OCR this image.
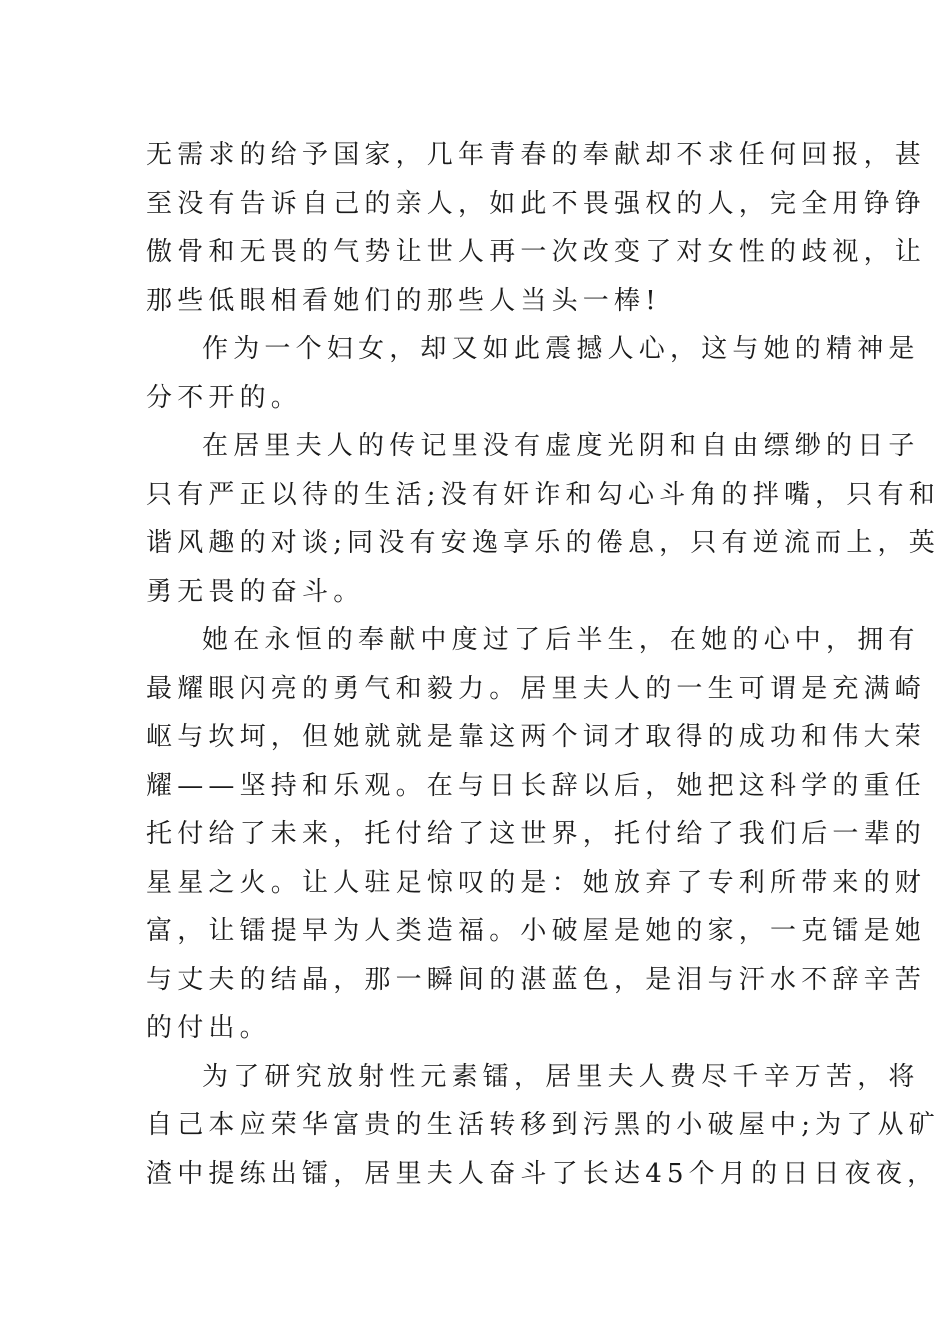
无需求的给予国家，几年青春的奉献却不求任何回报，甚
至没有告诉自己的亲人，如此不畏强权的人，完全用铮铮
傲骨和无畏的气势让世人再一次改变了对女性的歧视，让
那些低眼相看她们的那些人当头一棒!
作为一个妇女，却又如此震撼人心，这与她的精神是
分不开的。
在居里夫人的传记里没有虚度光阴和自由缥缈的日子
只有严正以待的生活;没有奸诈和勾心斗角的拌嘴，只有和
谐风趣的对谈;同没有安逸享乐的倦息，只有逆流而上，英
勇无畏的奋斗。
她在永恒的奉献中度过了后半生，在她的心中，拥有
最耀眼闪亮的勇气和毅力。居里夫人的一生可谓是充满崎
岖与坎坷，但她就就是靠这两个词才取得的成功和伟大荣
耀——坚持和乐观。在与日长辞以后，她把这科学的重任
托付给了未来，托付给了这世界，托付给了我们后一辈的
星星之火。让人驻足惊叹的是：她放弃了专利所带来的财
富，让镭提早为人类造福。小破屋是她的家，一克镭是她
与丈夫的结晶，那一瞬间的湛蓝色，是泪与汗水不辞辛苦
的付出。
为了研究放射性元素镭，居里夫人费尽千辛万苦，将
自己本应荣华富贵的生活转移到污黑的小破屋中;为了从矿
渣中提练出镭，居里夫人奋斗了长达45个月的日日夜夜，
